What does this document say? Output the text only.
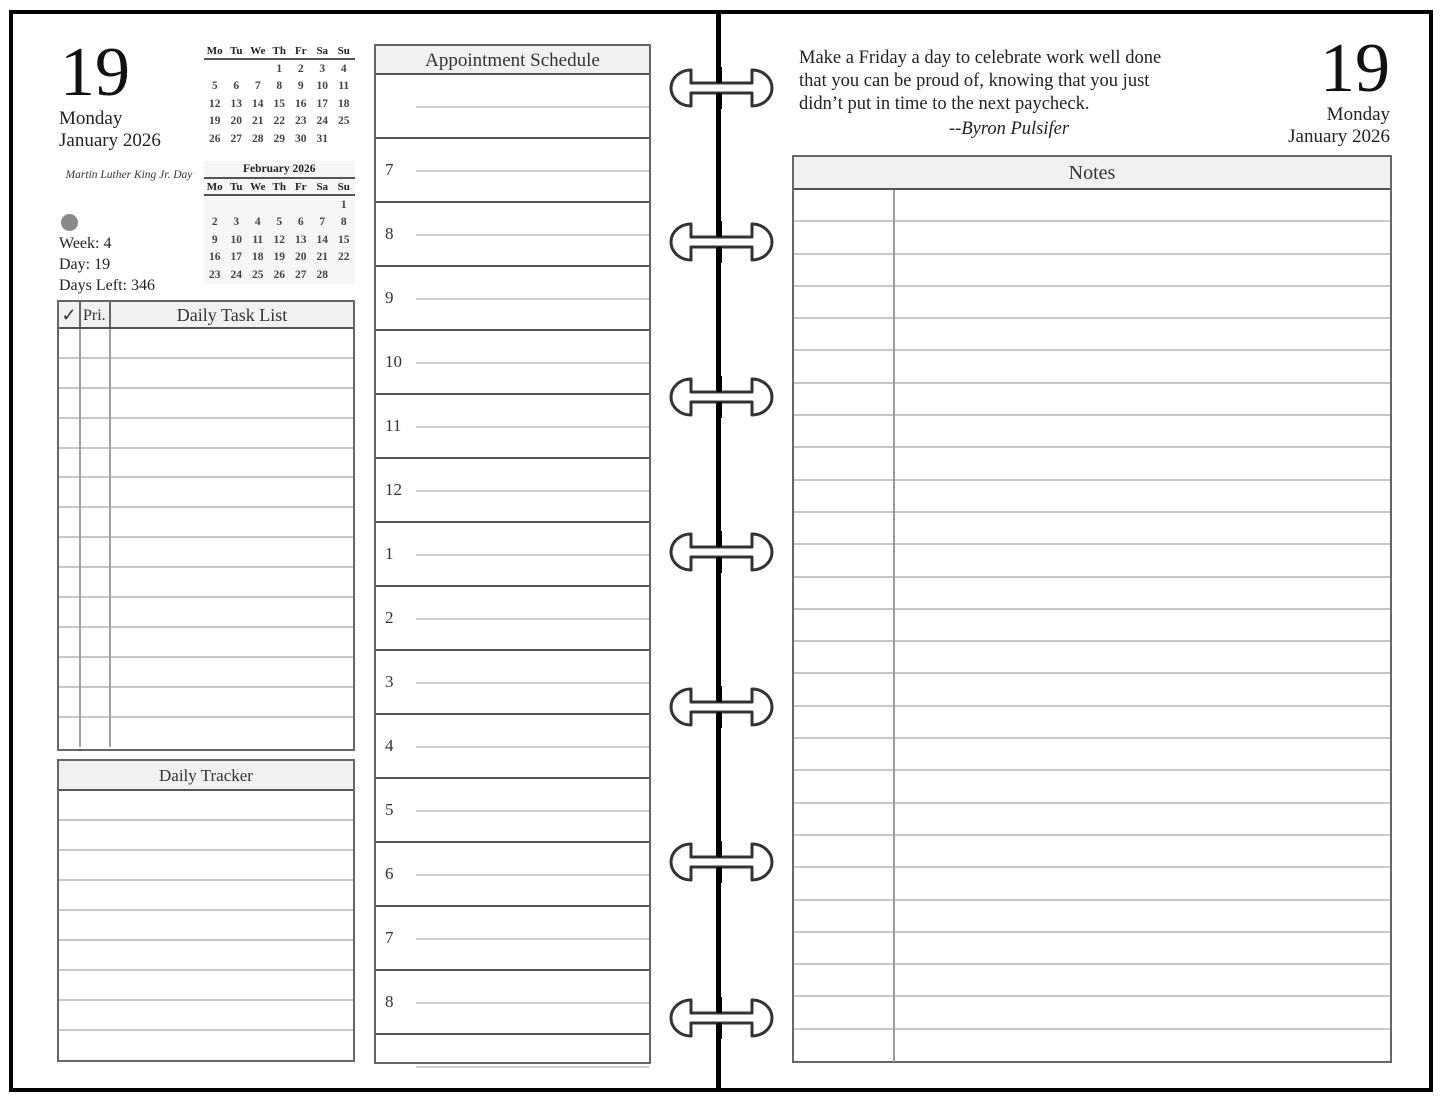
19
Monday
January 2026
Mo	Tu	We	Th	Fr	Sa	Su
			1	2	3	4
5	6	7	8	9	10	11
12	13	14	15	16	17	18
19	20	21	22	23	24	25
26	27	28	29	30	31	
February 2026
Mo	Tu	We	Th	Fr	Sa	Su
						1
2	3	4	5	6	7	8
9	10	11	12	13	14	15
16	17	18	19	20	21	22
23	24	25	26	27	28	
Martin Luther King Jr. Day
Week: 4
Day: 19
Days Left: 346
✓ Pri.	Daily Task List
Daily Tracker
Appointment Schedule
7
8
9
10
11
12
1
2
3
4
5
6
7
8
Make a Friday a day to celebrate work well done
that you can be proud of, knowing that you just
didn’t put in time to the next paycheck.
--Byron Pulsifer
19
Monday
January 2026
Notes
